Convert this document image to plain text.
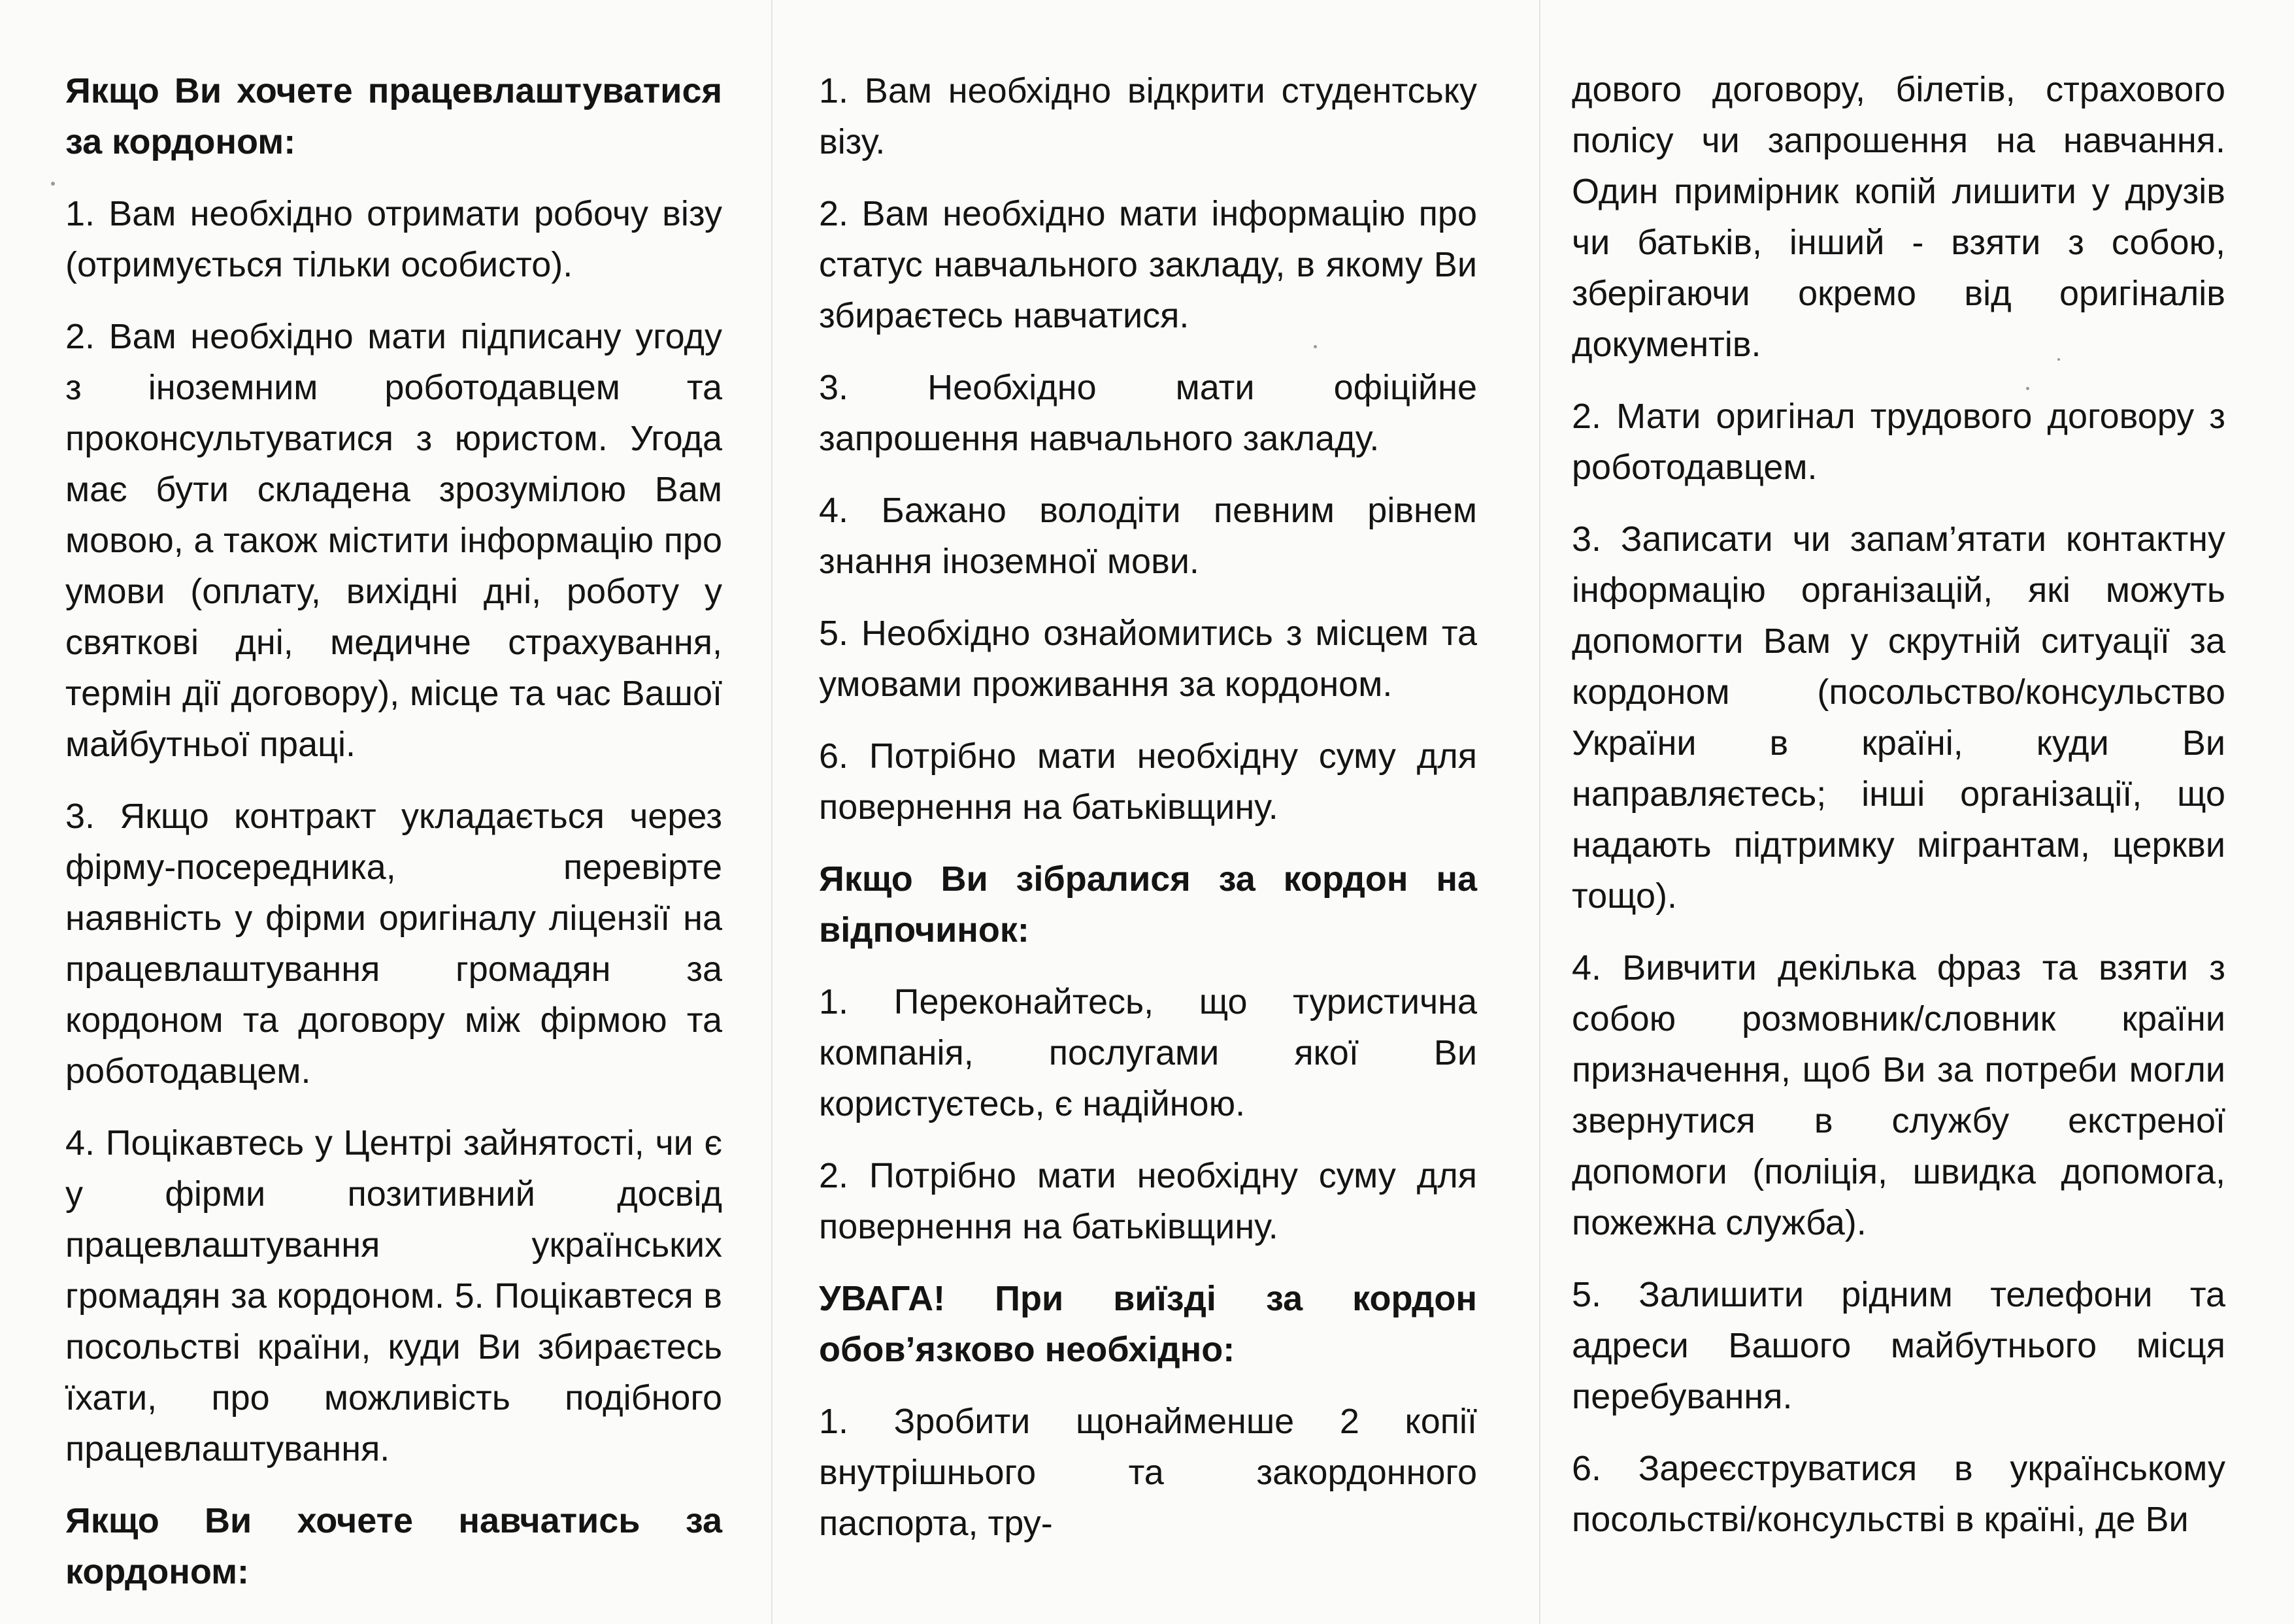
Якщо Ви хочете працевлаштуватися за кордоном:

1. Вам необхідно отримати робочу візу (отримується тільки особисто).

2. Вам необхідно мати підписану угоду з іноземним роботодавцем та проконсультуватися з юристом. Угода має бути складена зрозумілою Вам мовою, а також містити інформацію про умови (оплату, вихідні дні, роботу у святкові дні, медичне страхування, термін дії договору), місце та час Вашої майбутньої праці.

3. Якщо контракт укладається через фірму-посередника, перевірте наявність у фірми оригіналу ліцензії на працевлаштування громадян за кордоном та договору між фірмою та роботодавцем.

4. Поцікавтесь у Центрі зайнятості, чи є у фірми позитивний досвід працевлаштування українських громадян за кордоном. 5. Поцікавтеся в посольстві країни, куди Ви збираєтесь їхати, про можливість подібного працевлаштування.

Якщо Ви хочете навчатись за кордоном:

1. Вам необхідно відкрити студентську візу.

2. Вам необхідно мати інформацію про статус навчального закладу, в якому Ви збираєтесь навчатися.

3. Необхідно мати офіційне запрошення навчального закладу.

4. Бажано володіти певним рівнем знання іноземної мови.

5. Необхідно ознайомитись з місцем та умовами проживання за кордоном.

6. Потрібно мати необхідну суму для повернення на батьківщину.

Якщо Ви зібралися за кордон на відпочинок:

1. Переконайтесь, що туристична компанія, послугами якої Ви користуєтесь, є надійною.

2. Потрібно мати необхідну суму для повернення на батьківщину.

УВАГА! При виїзді за кордон обов’язково необхідно:

1. Зробити щонайменше 2 копії внутрішнього та закордонного паспорта, тру-

дового договору, білетів, страхового полісу чи запрошення на навчання. Один примірник копій лишити у друзів чи батьків, інший - взяти з собою, зберігаючи окремо від оригіналів документів.

2. Мати оригінал трудового договору з роботодавцем.

3. Записати чи запам’ятати контактну інформацію організацій, які можуть допомогти Вам у скрутній ситуації за кордоном (посольство/консульство України в країні, куди Ви направляєтесь; інші організації, що надають підтримку мігрантам, церкви тощо).

4. Вивчити декілька фраз та взяти з собою розмовник/словник країни призначення, щоб Ви за потреби могли звернутися в службу екстреної допомоги (поліція, швидка допомога, пожежна служба).

5. Залишити рідним телефони та адреси Вашого майбутнього місця перебування.

6. Зареєструватися в українському посольстві/консульстві в країні, де Ви
